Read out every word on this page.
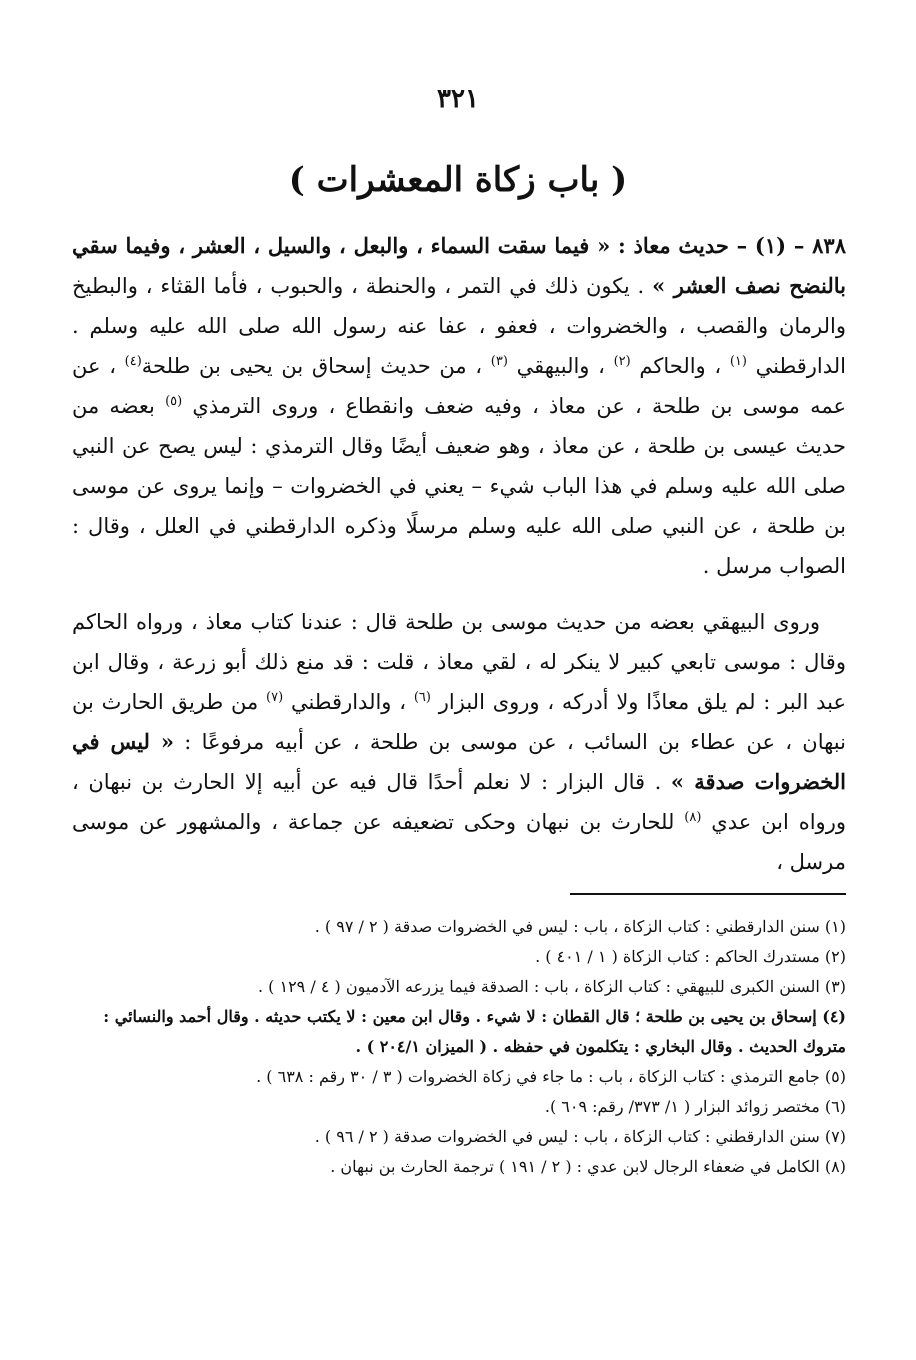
٣٢١
( باب زكاة المعشرات )

٨٣٨ – (١) – حديث معاذ : « فيما سقت السماء ، والبعل ، والسيل ، العشر ، وفيما سقي بالنضح نصف العشر » . يكون ذلك في التمر ، والحنطة ، والحبوب ، فأما القثاء ، والبطيخ والرمان والقصب ، والخضروات ، فعفو ، عفا عنه رسول الله صلى الله عليه وسلم . الدارقطني $^{(١)}$ ، والحاكم $^{(٢)}$ ، والبيهقي $^{(٣)}$ ، من حديث إسحاق بن يحيى بن طلحة$^{(٤)}$ ، عن عمه موسى بن طلحة ، عن معاذ ، وفيه ضعف وانقطاع ، وروى الترمذي $^{(٥)}$ بعضه من حديث عيسى بن طلحة ، عن معاذ ، وهو ضعيف أيضًا وقال الترمذي : ليس يصح عن النبي صلى الله عليه وسلم في هذا الباب شيء – يعني في الخضروات – وإنما يروى عن موسى بن طلحة ، عن النبي صلى الله عليه وسلم مرسلًا وذكره الدارقطني في العلل ، وقال : الصواب مرسل .

وروى البيهقي بعضه من حديث موسى بن طلحة قال : عندنا كتاب معاذ ، ورواه الحاكم وقال : موسى تابعي كبير لا ينكر له ، لقي معاذ ، قلت : قد منع ذلك أبو زرعة ، وقال ابن عبد البر : لم يلق معاذًا ولا أدركه ، وروى البزار $^{(٦)}$ ، والدارقطني $^{(٧)}$ من طريق الحارث بن نبهان ، عن عطاء بن السائب ، عن موسى بن طلحة ، عن أبيه مرفوعًا : « ليس في الخضروات صدقة » . قال البزار : لا نعلم أحدًا قال فيه عن أبيه إلا الحارث بن نبهان ، ورواه ابن عدي $^{(٨)}$ للحارث بن نبهان وحكى تضعيفه عن جماعة ، والمشهور عن موسى مرسل ،

(١) سنن الدارقطني : كتاب الزكاة ، باب : ليس في الخضروات صدقة ( ٢ / ٩٧ ) .

(٢) مستدرك الحاكم : كتاب الزكاة ( ١ / ٤٠١ ) .

(٣) السنن الكبرى للبيهقي : كتاب الزكاة ، باب : الصدقة فيما يزرعه الآدميون ( ٤ / ١٢٩ ) .

(٤) إسحاق بن يحيى بن طلحة ؛ قال القطان : لا شيء . وقال ابن معين : لا يكتب حديثه . وقال أحمد والنسائي : متروك الحديث . وقال البخاري : يتكلمون في حفظه . ( الميزان ٢٠٤/١ ) .

(٥) جامع الترمذي : كتاب الزكاة ، باب : ما جاء في زكاة الخضروات ( ٣ / ٣٠ رقم : ٦٣٨ ) .

(٦) مختصر زوائد البزار ( ١/ ٣٧٣/ رقم: ٦٠٩ ).

(٧) سنن الدارقطني : كتاب الزكاة ، باب : ليس في الخضروات صدقة ( ٢ / ٩٦ ) .

(٨) الكامل في ضعفاء الرجال لابن عدي : ( ٢ / ١٩١ ) ترجمة الحارث بن نبهان .
